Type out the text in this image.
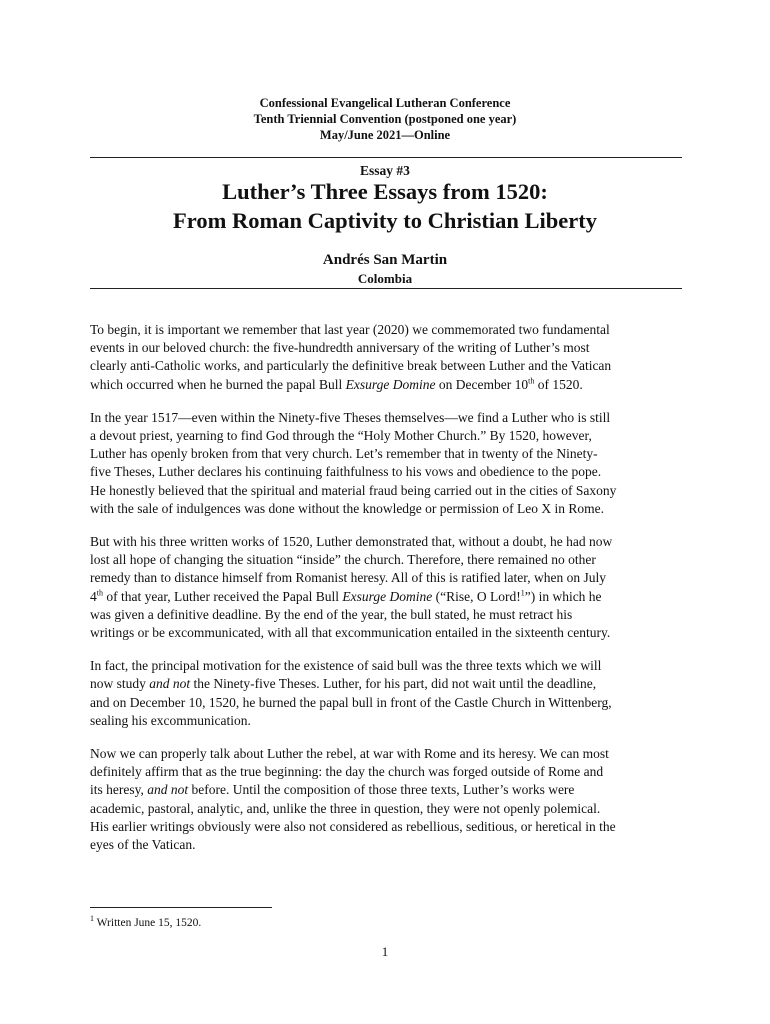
Confessional Evangelical Lutheran Conference
Tenth Triennial Convention (postponed one year)
May/June 2021—Online
Essay #3
Luther’s Three Essays from 1520:
From Roman Captivity to Christian Liberty
Andrés San Martin
Colombia

To begin, it is important we remember that last year (2020) we commemorated two fundamental
events in our beloved church: the five-hundredth anniversary of the writing of Luther’s most
clearly anti-Catholic works, and particularly the definitive break between Luther and the Vatican
which occurred when he burned the papal Bull Exsurge Domine on December 10th of 1520.

In the year 1517—even within the Ninety-five Theses themselves—we find a Luther who is still
a devout priest, yearning to find God through the “Holy Mother Church.” By 1520, however,
Luther has openly broken from that very church. Let’s remember that in twenty of the Ninety-
five Theses, Luther declares his continuing faithfulness to his vows and obedience to the pope.
He honestly believed that the spiritual and material fraud being carried out in the cities of Saxony
with the sale of indulgences was done without the knowledge or permission of Leo X in Rome.

But with his three written works of 1520, Luther demonstrated that, without a doubt, he had now
lost all hope of changing the situation “inside” the church. Therefore, there remained no other
remedy than to distance himself from Romanist heresy. All of this is ratified later, when on July
4th of that year, Luther received the Papal Bull Exsurge Domine (“Rise, O Lord!$^1$”) in which he
was given a definitive deadline. By the end of the year, the bull stated, he must retract his
writings or be excommunicated, with all that excommunication entailed in the sixteenth century.

In fact, the principal motivation for the existence of said bull was the three texts which we will
now study and not the Ninety-five Theses. Luther, for his part, did not wait until the deadline,
and on December 10, 1520, he burned the papal bull in front of the Castle Church in Wittenberg,
sealing his excommunication.

Now we can properly talk about Luther the rebel, at war with Rome and its heresy. We can most
definitely affirm that as the true beginning: the day the church was forged outside of Rome and
its heresy, and not before. Until the composition of those three texts, Luther’s works were
academic, pastoral, analytic, and, unlike the three in question, they were not openly polemical.
His earlier writings obviously were also not considered as rebellious, seditious, or heretical in the
eyes of the Vatican.

$^1$ Written June 15, 1520.
1
